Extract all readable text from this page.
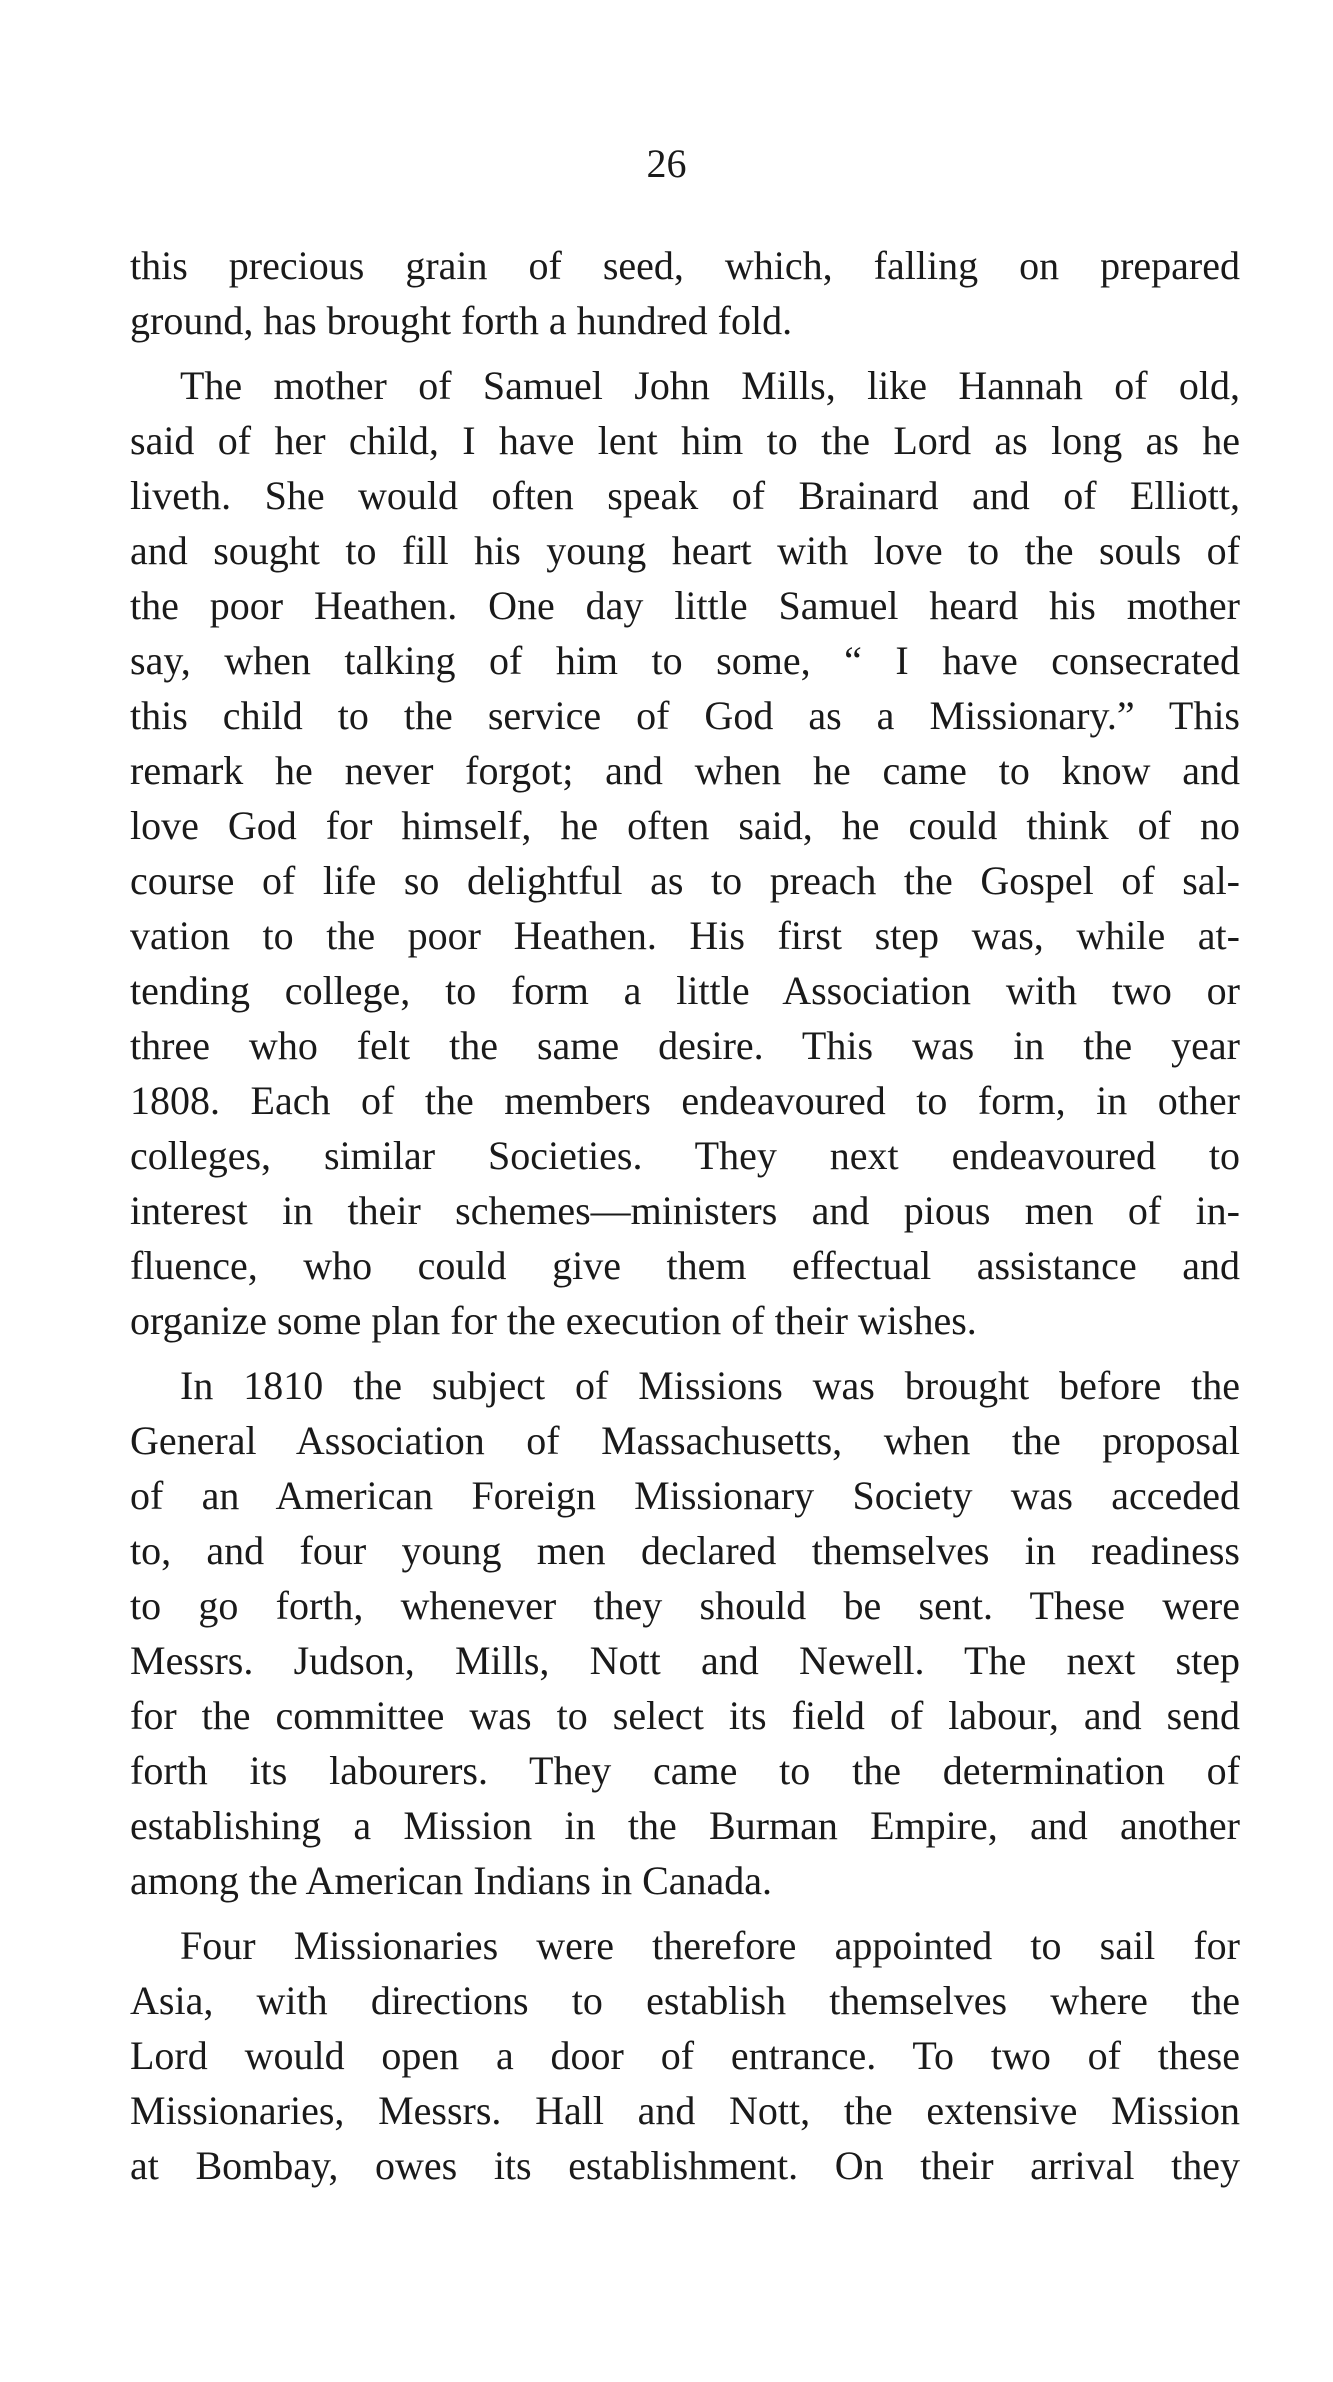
26
this precious grain of seed, which, falling on prepared
ground, has brought forth a hundred fold.
The mother of Samuel John Mills, like Hannah of old,
said of her child, I have lent him to the Lord as long as he
liveth. She would often speak of Brainard and of Elliott,
and sought to fill his young heart with love to the souls of
the poor Heathen. One day little Samuel heard his mother
say, when talking of him to some, “ I have consecrated
this child to the service of God as a Missionary.” This
remark he never forgot; and when he came to know and
love God for himself, he often said, he could think of no
course of life so delightful as to preach the Gospel of sal-
vation to the poor Heathen. His first step was, while at-
tending college, to form a little Association with two or
three who felt the same desire. This was in the year
1808. Each of the members endeavoured to form, in other
colleges, similar Societies. They next endeavoured to
interest in their schemes—ministers and pious men of in-
fluence, who could give them effectual assistance and
organize some plan for the execution of their wishes.
In 1810 the subject of Missions was brought before the
General Association of Massachusetts, when the proposal
of an American Foreign Missionary Society was acceded
to, and four young men declared themselves in readiness
to go forth, whenever they should be sent. These were
Messrs. Judson, Mills, Nott and Newell. The next step
for the committee was to select its field of labour, and send
forth its labourers. They came to the determination of
establishing a Mission in the Burman Empire, and another
among the American Indians in Canada.
Four Missionaries were therefore appointed to sail for
Asia, with directions to establish themselves where the
Lord would open a door of entrance. To two of these
Missionaries, Messrs. Hall and Nott, the extensive Mission
at Bombay, owes its establishment. On their arrival they
